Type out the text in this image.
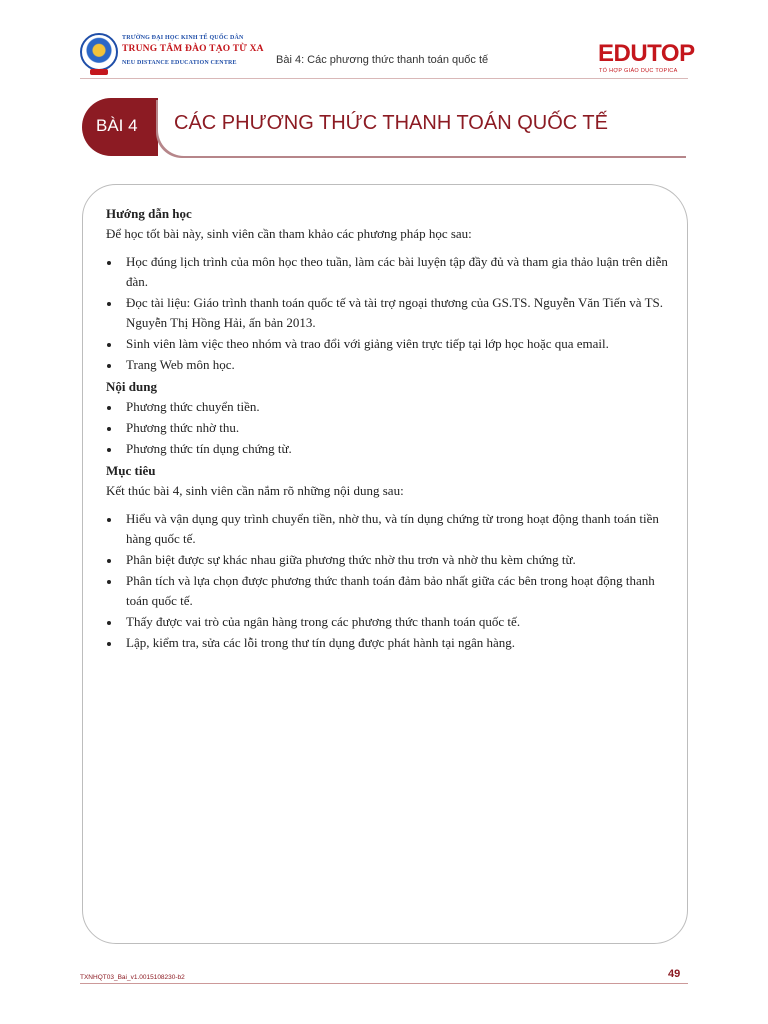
TRƯỜNG ĐẠI HỌC KINH TẾ QUỐC DÂN
TRUNG TÂM ĐÀO TẠO TỪ XA
NEU DISTANCE EDUCATION CENTRE	Bài 4: Các phương thức thanh toán quốc tế	EDUTOP
TỔ HỢP GIÁO DỤC TOPICA
BÀI 4 CÁC PHƯƠNG THỨC THANH TOÁN QUỐC TẾ

Hướng dẫn học

Để học tốt bài này, sinh viên cần tham khảo các phương pháp học sau:

Học đúng lịch trình của môn học theo tuần, làm các bài luyện tập đầy đủ và tham gia thảo luận trên diễn đàn.
Đọc tài liệu: Giáo trình thanh toán quốc tế và tài trợ ngoại thương của GS.TS. Nguyễn Văn Tiến và TS. Nguyễn Thị Hồng Hải, ấn bản 2013.
Sinh viên làm việc theo nhóm và trao đổi với giảng viên trực tiếp tại lớp học hoặc qua email.
Trang Web môn học.

Nội dung

Phương thức chuyển tiền.
Phương thức nhờ thu.
Phương thức tín dụng chứng từ.

Mục tiêu

Kết thúc bài 4, sinh viên cần nắm rõ những nội dung sau:

Hiểu và vận dụng quy trình chuyển tiền, nhờ thu, và tín dụng chứng từ trong hoạt động thanh toán tiền hàng quốc tế.
Phân biệt được sự khác nhau giữa phương thức nhờ thu trơn và nhờ thu kèm chứng từ.
Phân tích và lựa chọn được phương thức thanh toán đảm bảo nhất giữa các bên trong hoạt động thanh toán quốc tế.
Thấy được vai trò của ngân hàng trong các phương thức thanh toán quốc tế.
Lập, kiểm tra, sửa các lỗi trong thư tín dụng được phát hành tại ngân hàng.
TXNHQT03_Bai_v1.0015108230-b2	49
